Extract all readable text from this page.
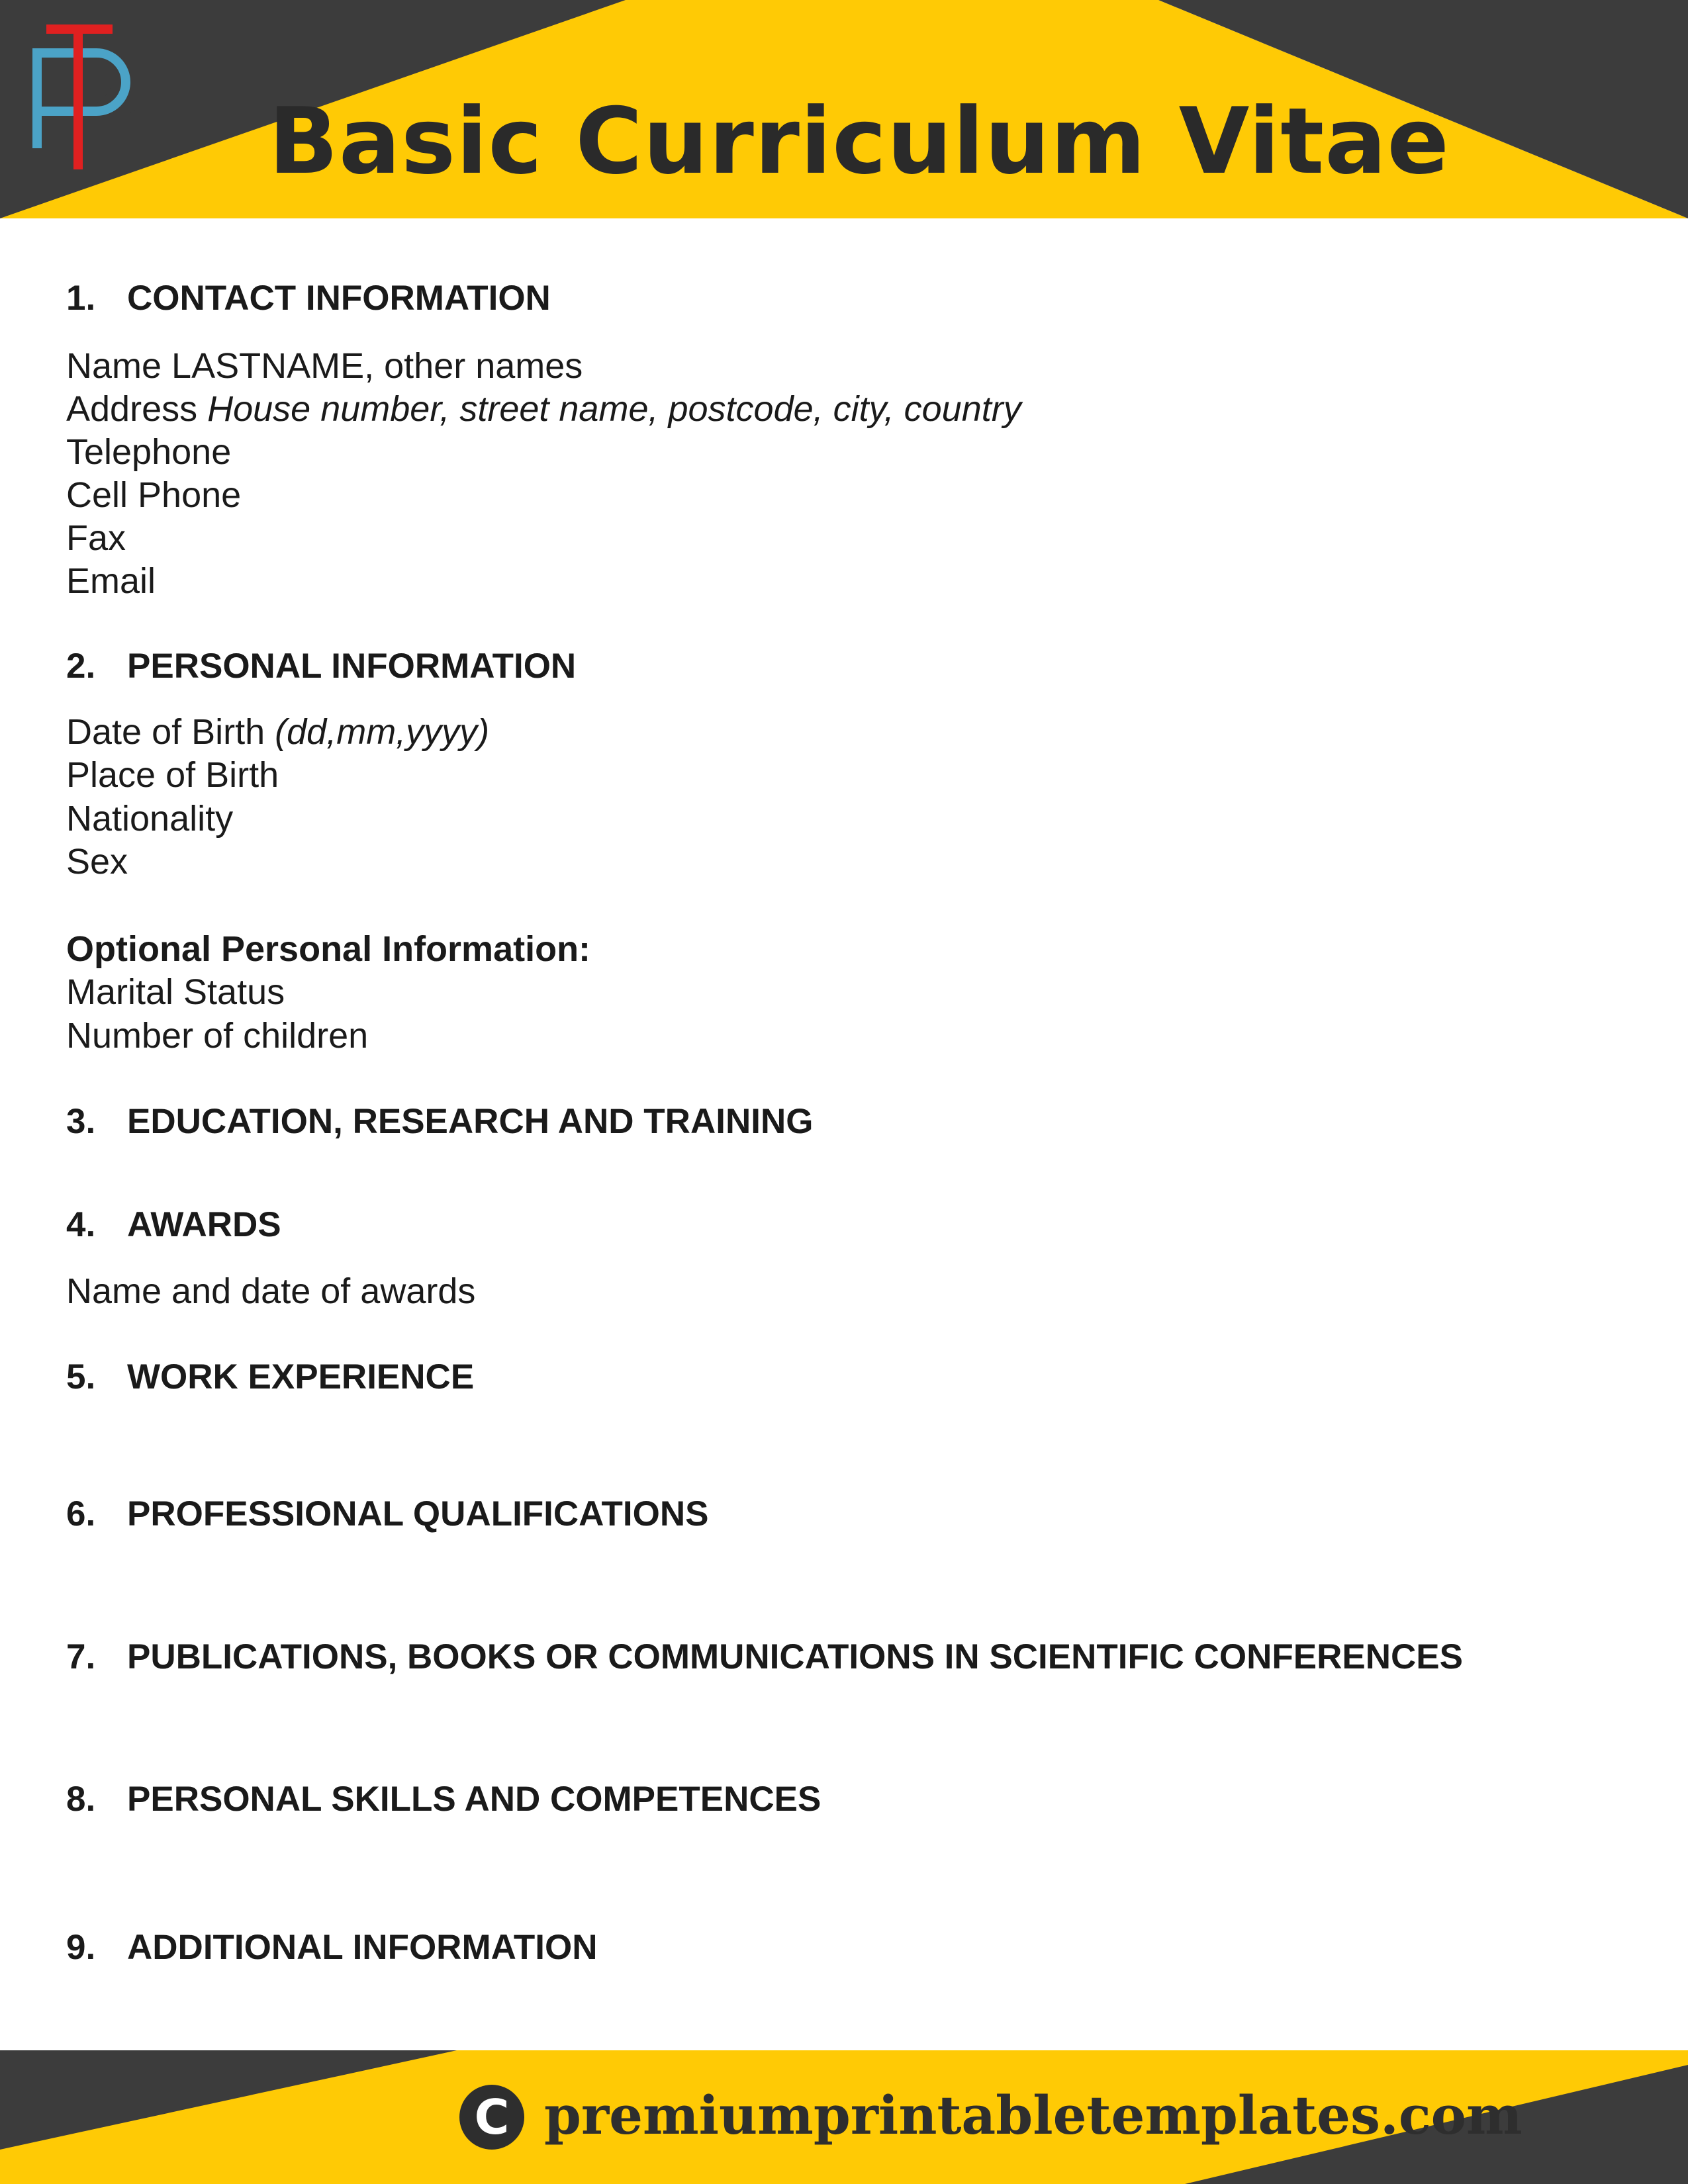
Basic Curriculum Vitae
1. CONTACT INFORMATION
Name LASTNAME, other names
Address House number, street name, postcode, city, country
Telephone
Cell Phone
Fax
Email
2. PERSONAL INFORMATION
Date of Birth (dd,mm,yyyy)
Place of Birth
Nationality
Sex
Optional Personal Information:
Marital Status
Number of children
3. EDUCATION, RESEARCH AND TRAINING
4. AWARDS
Name and date of awards
5. WORK EXPERIENCE
6. PROFESSIONAL QUALIFICATIONS
7. PUBLICATIONS, BOOKS OR COMMUNICATIONS IN SCIENTIFIC CONFERENCES
8. PERSONAL SKILLS AND COMPETENCES
9. ADDITIONAL INFORMATION
C premiumprintabletemplates.com
